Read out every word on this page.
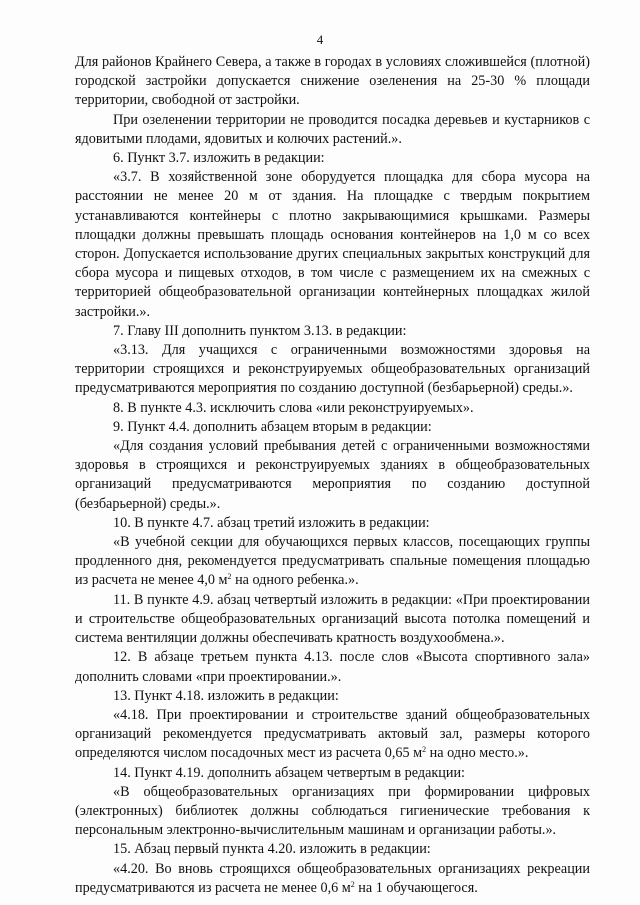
4

Для районов Крайнего Севера, а также в городах в условиях сложившейся (плотной) городской застройки допускается снижение озеленения на 25-30 % площади территории, свободной от застройки.

При озеленении территории не проводится посадка деревьев и кустарников с ядовитыми плодами, ядовитых и колючих растений.».

6. Пункт 3.7. изложить в редакции:

«3.7. В хозяйственной зоне оборудуется площадка для сбора мусора на расстоянии не менее 20 м от здания. На площадке с твердым покрытием устанавливаются контейнеры с плотно закрывающимися крышками. Размеры площадки должны превышать площадь основания контейнеров на 1,0 м со всех сторон. Допускается использование других специальных закрытых конструкций для сбора мусора и пищевых отходов, в том числе с размещением их на смежных с территорией общеобразовательной организации контейнерных площадках жилой застройки.».

7. Главу III дополнить пунктом 3.13. в редакции:

«3.13. Для учащихся с ограниченными возможностями здоровья на территории строящихся и реконструируемых общеобразовательных организаций предусматриваются мероприятия по созданию доступной (безбарьерной) среды.».

8. В пункте 4.3. исключить слова «или реконструируемых».

9. Пункт 4.4. дополнить абзацем вторым в редакции:

«Для создания условий пребывания детей с ограниченными возможностями здоровья в строящихся и реконструируемых зданиях в общеобразовательных организаций предусматриваются мероприятия по созданию доступной (безбарьерной) среды.».

10. В пункте 4.7. абзац третий изложить в редакции:

«В учебной секции для обучающихся первых классов, посещающих группы продленного дня, рекомендуется предусматривать спальные помещения площадью из расчета не менее 4,0 $м^2$ на одного ребенка.».

11. В пункте 4.9. абзац четвертый изложить в редакции: «При проектировании и строительстве общеобразовательных организаций высота потолка помещений и система вентиляции должны обеспечивать кратность воздухообмена.».

12. В абзаце третьем пункта 4.13. после слов «Высота спортивного зала» дополнить словами «при проектировании.».

13. Пункт 4.18. изложить в редакции:

«4.18. При проектировании и строительстве зданий общеобразовательных организаций рекомендуется предусматривать актовый зал, размеры которого определяются числом посадочных мест из расчета 0,65 $м^2$ на одно место.».

14. Пункт 4.19. дополнить абзацем четвертым в редакции:

«В общеобразовательных организациях при формировании цифровых (электронных) библиотек должны соблюдаться гигиенические требования к персональным электронно-вычислительным машинам и организации работы.».

15. Абзац первый пункта 4.20. изложить в редакции:

«4.20. Во вновь строящихся общеобразовательных организациях рекреации предусматриваются из расчета не менее 0,6 $м^2$ на 1 обучающегося.
